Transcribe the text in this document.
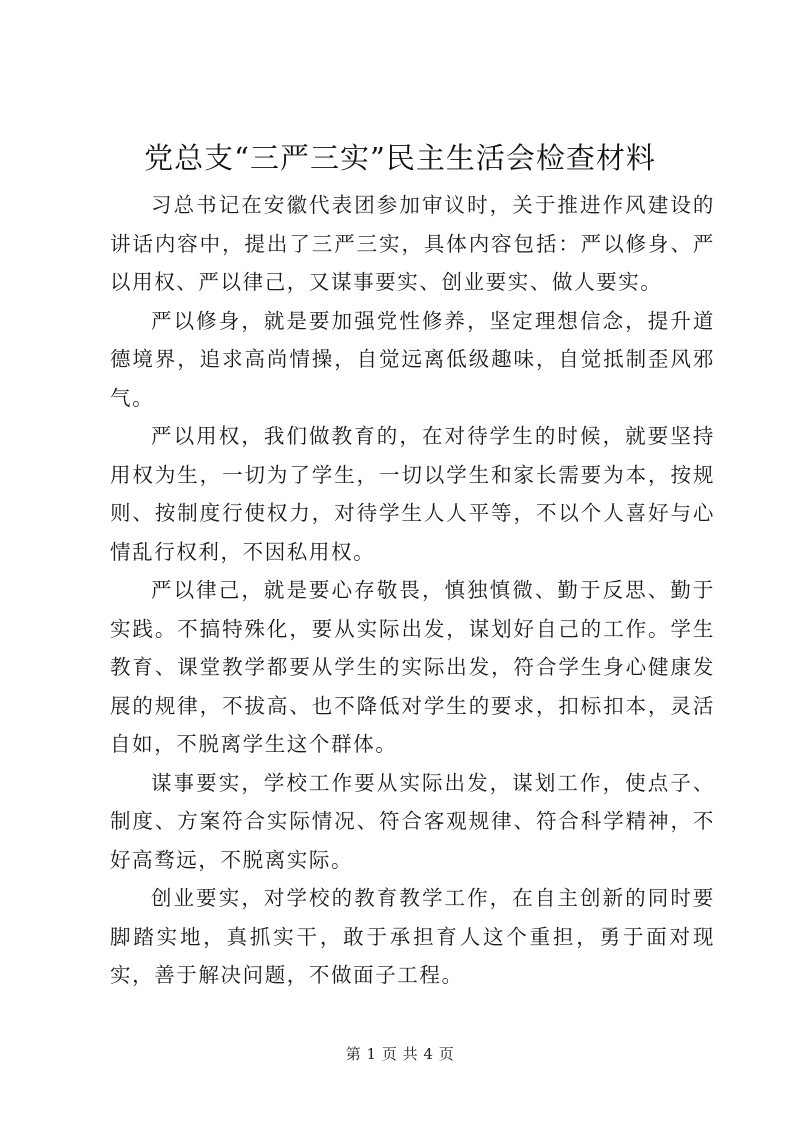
党总支“三严三实”民主生活会检查材料

习总书记在安徽代表团参加审议时，关于推进作风建设的讲话内容中，提出了三严三实，具体内容包括：严以修身、严以用权、严以律己，又谋事要实、创业要实、做人要实。

严以修身，就是要加强党性修养，坚定理想信念，提升道德境界，追求高尚情操，自觉远离低级趣味，自觉抵制歪风邪气。

严以用权，我们做教育的，在对待学生的时候，就要坚持用权为生，一切为了学生，一切以学生和家长需要为本，按规则、按制度行使权力，对待学生人人平等，不以个人喜好与心情乱行权利，不因私用权。

严以律己，就是要心存敬畏，慎独慎微、勤于反思、勤于实践。不搞特殊化，要从实际出发，谋划好自己的工作。学生教育、课堂教学都要从学生的实际出发，符合学生身心健康发展的规律，不拔高、也不降低对学生的要求，扣标扣本，灵活自如，不脱离学生这个群体。

谋事要实，学校工作要从实际出发，谋划工作，使点子、制度、方案符合实际情况、符合客观规律、符合科学精神，不好高骛远，不脱离实际。

创业要实，对学校的教育教学工作，在自主创新的同时要脚踏实地，真抓实干，敢于承担育人这个重担，勇于面对现实，善于解决问题，不做面子工程。

第 1 页 共 4 页
